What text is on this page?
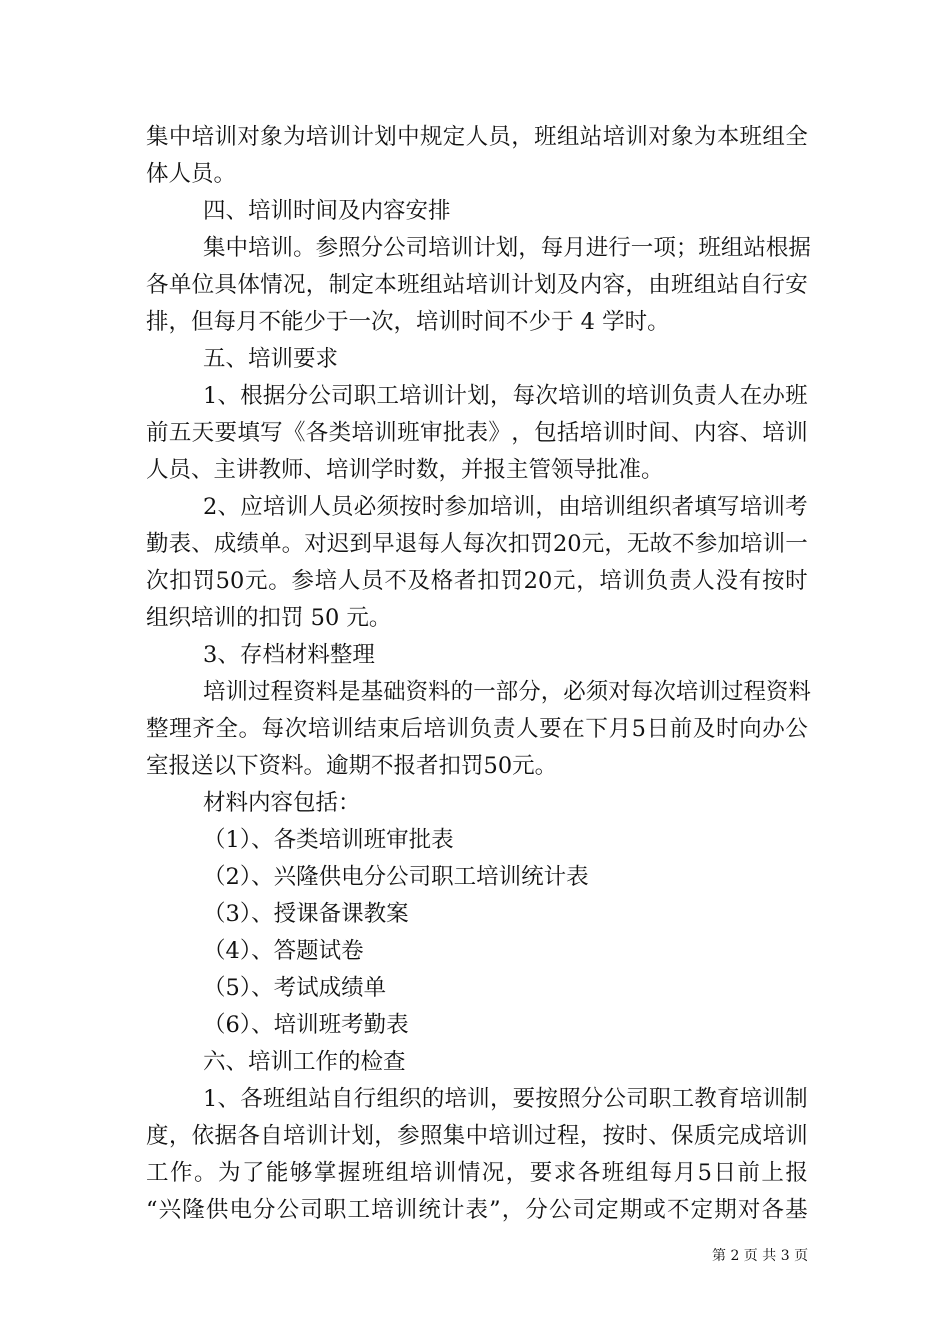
集 中 培 训 对 象 为 培 训 计 划 中 规 定 人 员 ， 班 组 站 培 训 对 象 为 本 班 组 全
体人员。
四、培训时间及内容安排
集 中 培 训 。 参 照 分 公 司 培 训 计 划 ， 每 月 进 行 一 项 ； 班 组 站 根 据
各 单 位 具 体 情 况 ， 制 定 本 班 组 站 培 训 计 划 及 内 容 ， 由 班 组 站 自 行 安
排，但每月不能少于一次，培训时间不少于 4 学时。
五、培训要求
1 、 根 据 分 公 司 职 工 培 训 计 划 ， 每 次 培 训 的 培 训 负 责 人 在 办 班
前 五 天 要 填 写 《 各 类 培 训 班 审 批 表 》 ， 包 括 培 训 时 间 、 内 容 、 培 训
人员、主讲教师、培训学时数，并报主管领导批准。
2 、 应 培 训 人 员 必 须 按 时 参 加 培 训 ， 由 培 训 组 织 者 填 写 培 训 考
勤 表 、 成 绩 单 。 对 迟 到 早 退 每 人 每 次 扣 罚 20 元 ， 无 故 不 参 加 培 训 一
次 扣 罚 50 元 。 参 培 人 员 不 及 格 者 扣 罚 20 元 ， 培 训 负 责 人 没 有 按 时
组织培训的扣罚 50 元。
3、存档材料整理
培 训 过 程 资 料 是 基 础 资 料 的 一 部 分 ， 必 须 对 每 次 培 训 过 程 资 料
整 理 齐 全 。 每 次 培 训 结 束 后 培 训 负 责 人 要 在 下 月 5 日 前 及 时 向 办 公
室报送以下资料。逾期不报者扣罚50元。
材料内容包括：
（1）、各类培训班审批表
（2）、兴隆供电分公司职工培训统计表
（3）、授课备课教案
（4）、答题试卷
（5）、考试成绩单
（6）、培训班考勤表
六、培训工作的检查
1 、 各 班 组 站 自 行 组 织 的 培 训 ， 要 按 照 分 公 司 职 工 教 育 培 训 制
度 ， 依 据 各 自 培 训 计 划 ， 参 照 集 中 培 训 过 程 ， 按 时 、 保 质 完 成 培 训
工 作 。 为 了 能 够 掌 握 班 组 培 训 情 况 ， 要 求 各 班 组 每 月 5 日 前 上 报
“ 兴 隆 供 电 分 公 司 职 工 培 训 统 计 表 ” ， 分 公 司 定 期 或 不 定 期 对 各 基
第 2 页 共 3 页
